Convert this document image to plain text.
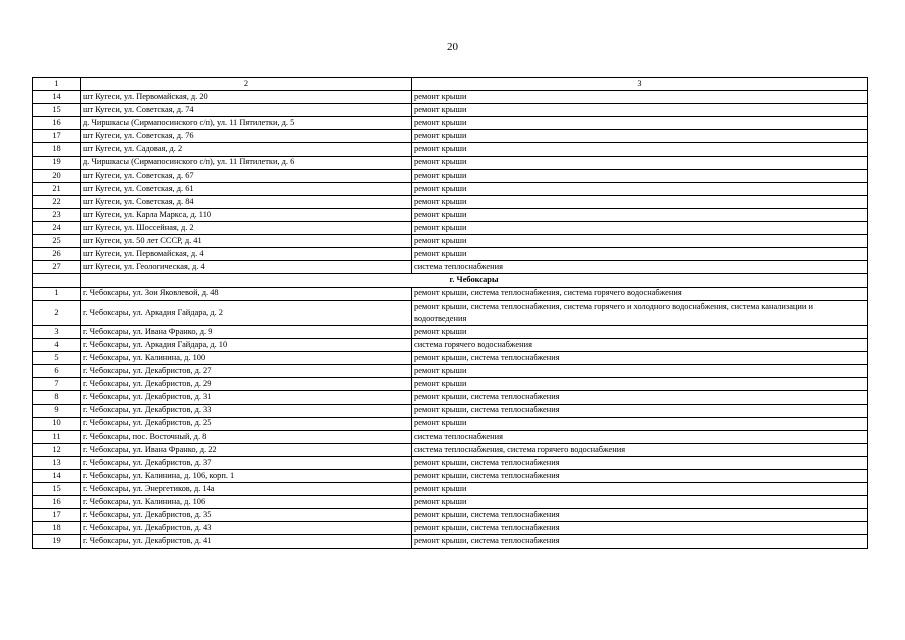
20
1	2	3
14	шт Кугеси, ул. Первомайская, д. 20	ремонт крыши
15	шт Кугеси, ул. Советская, д. 74	ремонт крыши
16	д. Чиршкасы (Сирмапосинского с/п), ул. 11 Пятилетки, д. 5	ремонт крыши
17	шт Кугеси, ул. Советская, д. 76	ремонт крыши
18	шт Кугеси, ул. Садовая, д. 2	ремонт крыши
19	д. Чиршкасы (Сирмапосинского с/п), ул. 11 Пятилетки, д. 6	ремонт крыши
20	шт Кугеси, ул. Советская, д. 67	ремонт крыши
21	шт Кугеси, ул. Советская, д. 61	ремонт крыши
22	шт Кугеси, ул. Советская, д. 84	ремонт крыши
23	шт Кугеси, ул. Карла Маркса, д. 110	ремонт крыши
24	шт Кугеси, ул. Шоссейная, д. 2	ремонт крыши
25	шт Кугеси, ул. 50 лет СССР, д. 41	ремонт крыши
26	шт Кугеси, ул. Первомайская, д. 4	ремонт крыши
27	шт Кугеси, ул. Геологическая, д. 4	система теплоснабжения
	г. Чебоксары	
1	г. Чебоксары, ул. Зои Яковлевой, д. 48	ремонт крыши, система теплоснабжения, система горячего водоснабжения
2	г. Чебоксары, ул. Аркадия Гайдара, д. 2	ремонт крыши, система теплоснабжения, система горячего и холодного водоснабжения, система канализации и водоотведения
3	г. Чебоксары, ул. Ивана Франко, д. 9	ремонт крыши
4	г. Чебоксары, ул. Аркадия Гайдара, д. 10	система горячего водоснабжения
5	г. Чебоксары, ул. Калинина, д. 100	ремонт крыши, система теплоснабжения
6	г. Чебоксары, ул. Декабристов, д. 27	ремонт крыши
7	г. Чебоксары, ул. Декабристов, д. 29	ремонт крыши
8	г. Чебоксары, ул. Декабристов, д. 31	ремонт крыши, система теплоснабжения
9	г. Чебоксары, ул. Декабристов, д. 33	ремонт крыши, система теплоснабжения
10	г. Чебоксары, ул. Декабристов, д. 25	ремонт крыши
11	г. Чебоксары, пос. Восточный, д. 8	система теплоснабжения
12	г. Чебоксары, ул. Ивана Франко, д. 22	система теплоснабжения, система горячего водоснабжения
13	г. Чебоксары, ул. Декабристов, д. 37	ремонт крыши, система теплоснабжения
14	г. Чебоксары, ул. Калинина, д. 106, корп. 1	ремонт крыши, система теплоснабжения
15	г. Чебоксары, ул. Энергетиков, д. 14а	ремонт крыши
16	г. Чебоксары, ул. Калинина, д. 106	ремонт крыши
17	г. Чебоксары, ул. Декабристов, д. 35	ремонт крыши, система теплоснабжения
18	г. Чебоксары, ул. Декабристов, д. 43	ремонт крыши, система теплоснабжения
19	г. Чебоксары, ул. Декабристов, д. 41	ремонт крыши, система теплоснабжения
